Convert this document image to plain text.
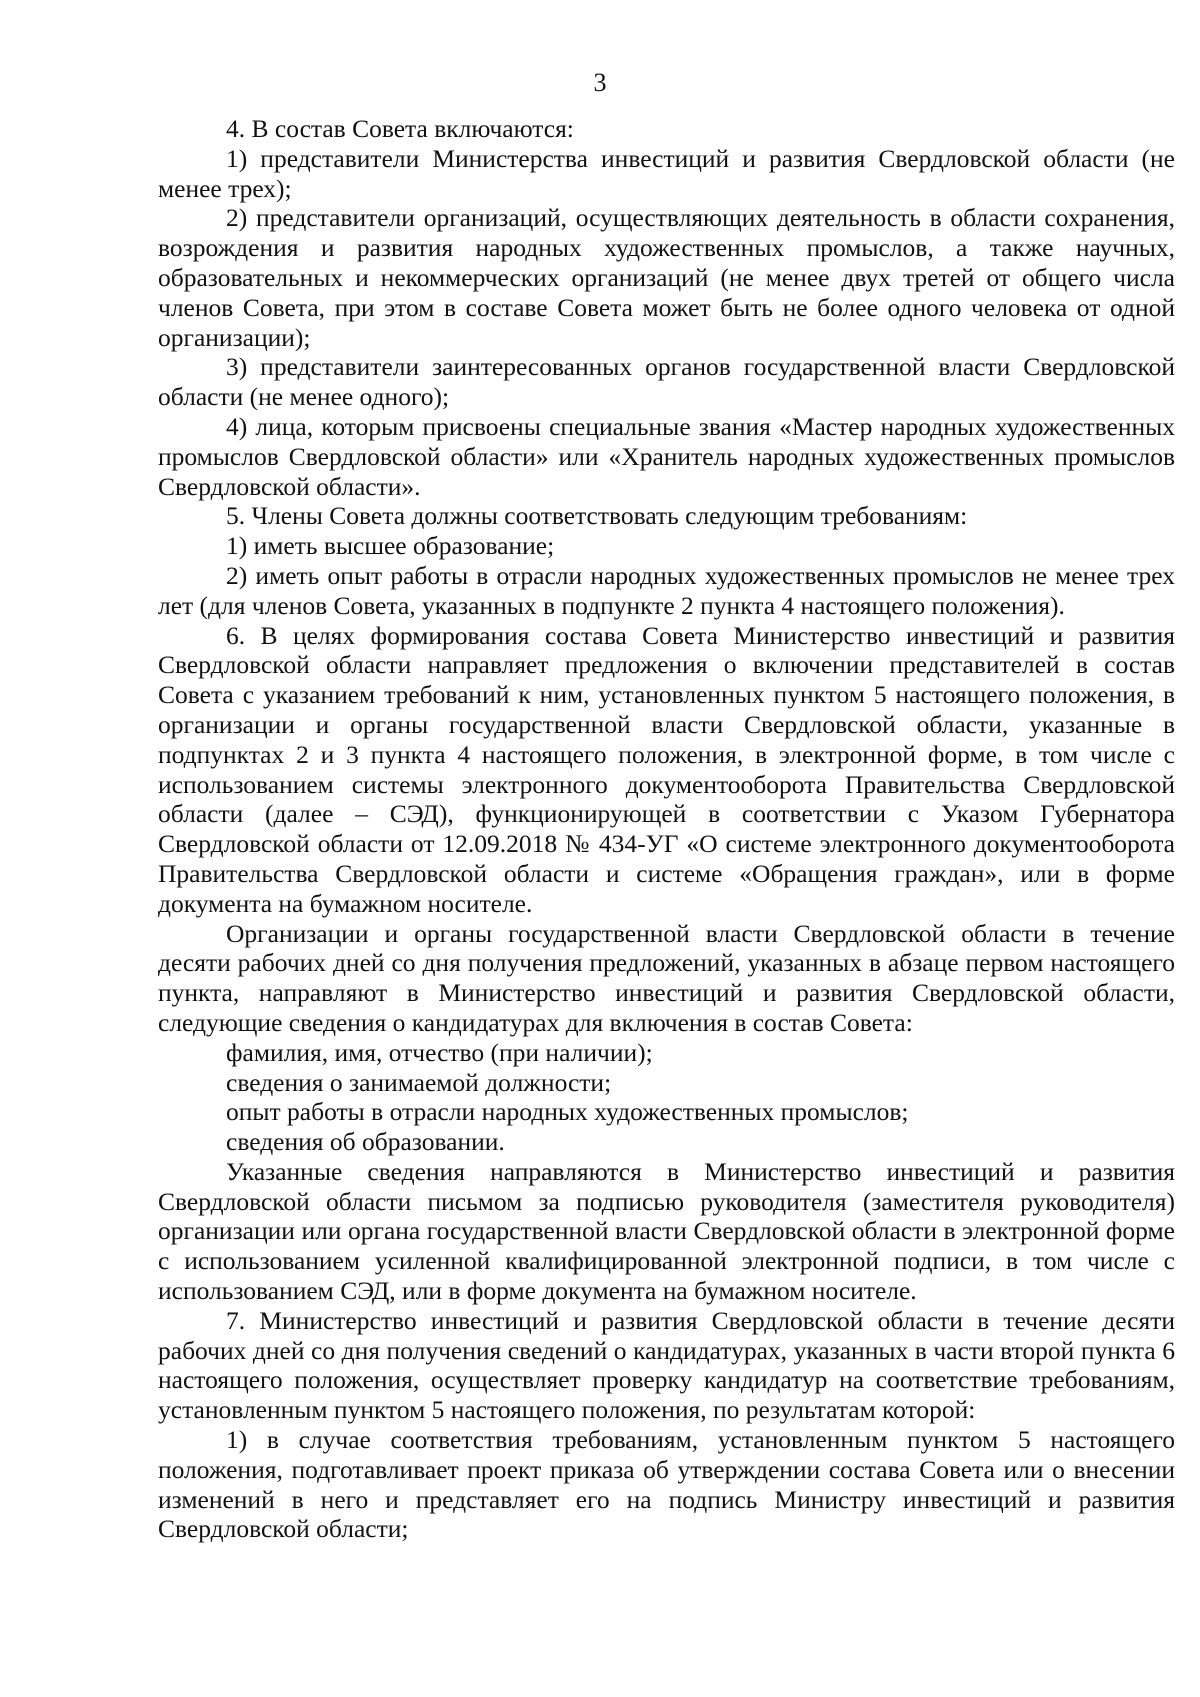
3

4. В состав Совета включаются:

1) представители Министерства инвестиций и развития Свердловской области (не менее трех);

2) представители организаций, осуществляющих деятельность в области сохранения, возрождения и развития народных художественных промыслов, а также научных, образовательных и некоммерческих организаций (не менее двух третей от общего числа членов Совета, при этом в составе Совета может быть не более одного человека от одной организации);

3) представители заинтересованных органов государственной власти Свердловской области (не менее одного);

4) лица, которым присвоены специальные звания «Мастер народных художественных промыслов Свердловской области» или «Хранитель народных художественных промыслов Свердловской области».

5. Члены Совета должны соответствовать следующим требованиям:

1) иметь высшее образование;

2) иметь опыт работы в отрасли народных художественных промыслов не менее трех лет (для членов Совета, указанных в подпункте 2 пункта 4 настоящего положения).

6. В целях формирования состава Совета Министерство инвестиций и развития Свердловской области направляет предложения о включении представителей в состав Совета с указанием требований к ним, установленных пунктом 5 настоящего положения, в организации и органы государственной власти Свердловской области, указанные в подпунктах 2 и 3 пункта 4 настоящего положения, в электронной форме, в том числе с использованием системы электронного документооборота Правительства Свердловской области (далее – СЭД), функционирующей в соответствии с Указом Губернатора Свердловской области от 12.09.2018 № 434-УГ «О системе электронного документооборота Правительства Свердловской области и системе «Обращения граждан», или в форме документа на бумажном носителе.

Организации и органы государственной власти Свердловской области в течение десяти рабочих дней со дня получения предложений, указанных в абзаце первом настоящего пункта, направляют в Министерство инвестиций и развития Свердловской области, следующие сведения о кандидатурах для включения в состав Совета:

фамилия, имя, отчество (при наличии);

сведения о занимаемой должности;

опыт работы в отрасли народных художественных промыслов;

сведения об образовании.

Указанные сведения направляются в Министерство инвестиций и развития Свердловской области письмом за подписью руководителя (заместителя руководителя) организации или органа государственной власти Свердловской области в электронной форме с использованием усиленной квалифицированной электронной подписи, в том числе с использованием СЭД, или в форме документа на бумажном носителе.

7. Министерство инвестиций и развития Свердловской области в течение десяти рабочих дней со дня получения сведений о кандидатурах, указанных в части второй пункта 6 настоящего положения, осуществляет проверку кандидатур на соответствие требованиям, установленным пунктом 5 настоящего положения, по результатам которой:

1) в случае соответствия требованиям, установленным пунктом 5 настоящего положения, подготавливает проект приказа об утверждении состава Совета или о внесении изменений в него и представляет его на подпись Министру инвестиций и развития Свердловской области;
